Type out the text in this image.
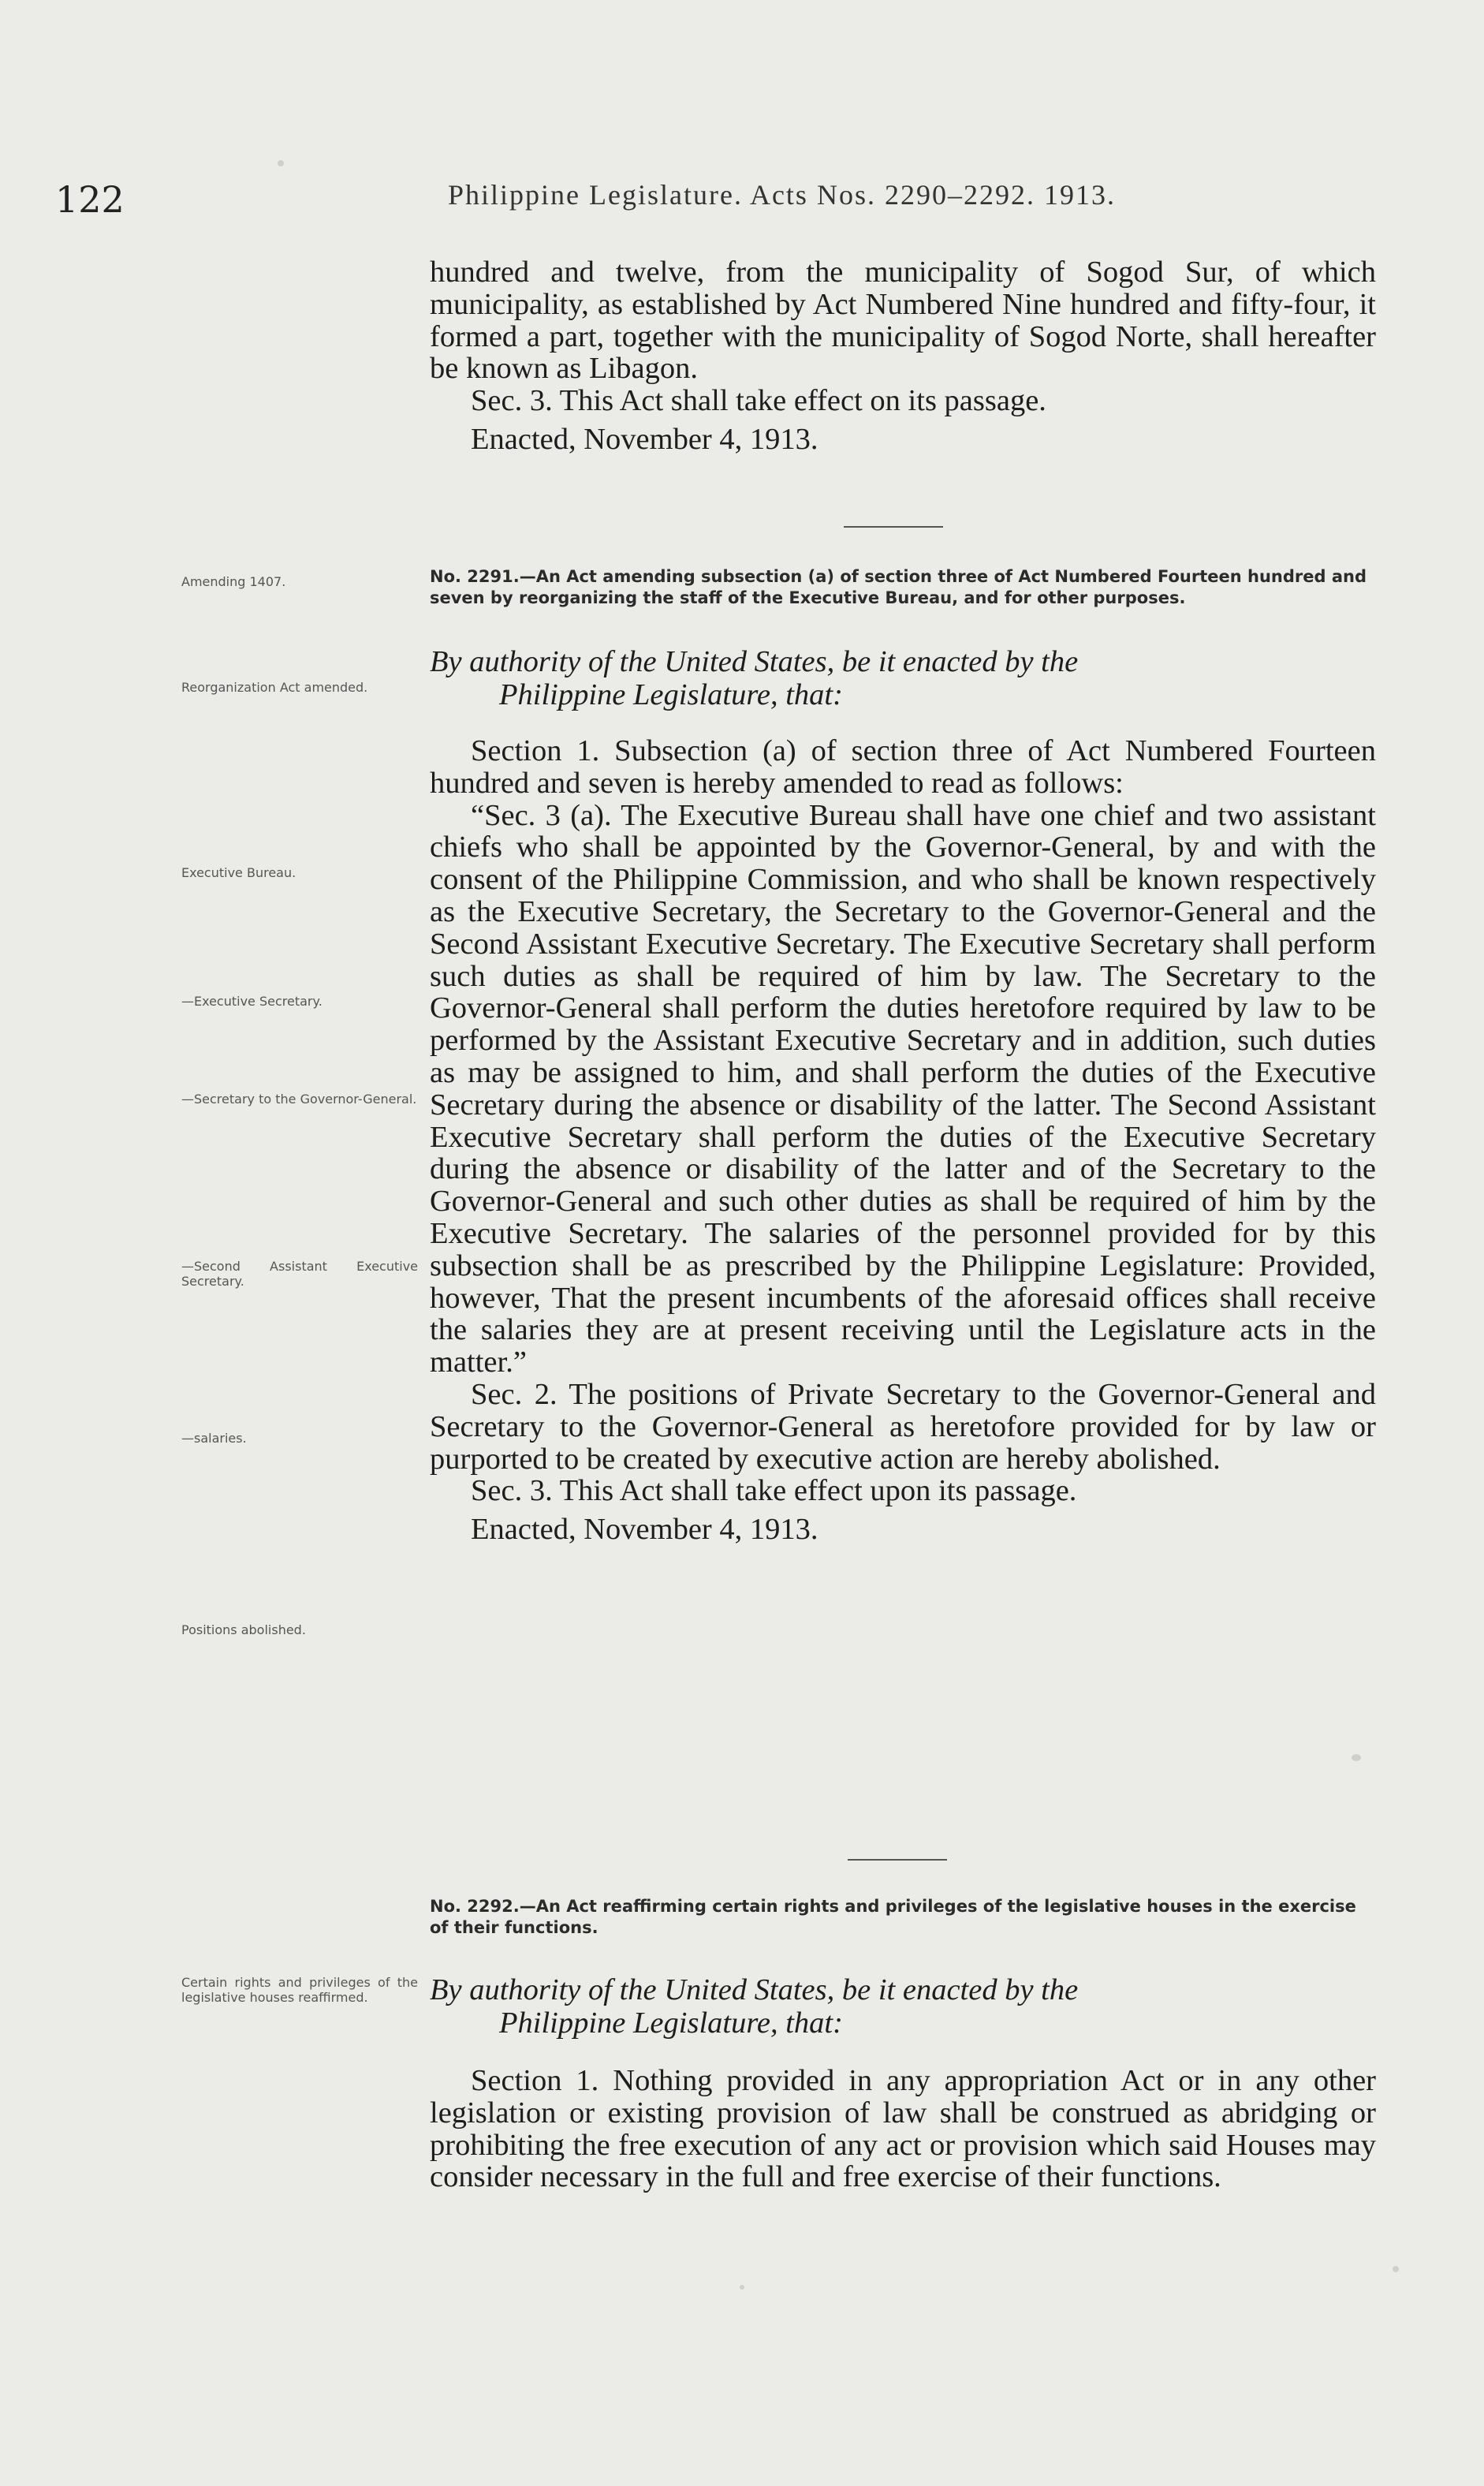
122	Philippine Legislature. Acts Nos. 2290–2292. 1913.

hundred and twelve, from the municipality of Sogod Sur, of which municipality, as established by Act Numbered Nine hundred and fifty-four, it formed a part, together with the municipality of Sogod Norte, shall hereafter be known as Libagon.

Sec. 3. This Act shall take effect on its passage.

Enacted, November 4, 1913.

No. 2291.—An Act amending subsection (a) of section three of Act Numbered Fourteen hundred and seven by reorganizing the staff of the Executive Bureau, and for other purposes.
By authority of the United States, be it enacted by the
Philippine Legislature, that:

Section 1. Subsection (a) of section three of Act Numbered Fourteen hundred and seven is hereby amended to read as follows:

“Sec. 3 (a). The Executive Bureau shall have one chief and two assistant chiefs who shall be appointed by the Governor-General, by and with the consent of the Philippine Commission, and who shall be known respectively as the Executive Secretary, the Secretary to the Governor-General and the Second Assistant Executive Secretary. The Executive Secretary shall perform such duties as shall be required of him by law. The Secretary to the Governor-General shall perform the duties heretofore required by law to be performed by the Assistant Executive Secretary and in addition, such duties as may be assigned to him, and shall perform the duties of the Executive Secretary during the absence or disability of the latter. The Second Assistant Executive Secretary shall perform the duties of the Executive Secretary during the absence or disability of the latter and of the Secretary to the Governor-General and such other duties as shall be required of him by the Executive Secretary. The salaries of the personnel provided for by this subsection shall be as prescribed by the Philippine Legislature: Provided, however, That the present incumbents of the aforesaid offices shall receive the salaries they are at present receiving until the Legislature acts in the matter.”

Sec. 2. The positions of Private Secretary to the Governor-General and Secretary to the Governor-General as heretofore provided for by law or purported to be created by executive action are hereby abolished.

Sec. 3. This Act shall take effect upon its passage.

Enacted, November 4, 1913.

No. 2292.—An Act reaffirming certain rights and privileges of the legislative houses in the exercise of their functions.
By authority of the United States, be it enacted by the
Philippine Legislature, that:

Section 1. Nothing provided in any appropriation Act or in any other legislation or existing provision of law shall be construed as abridging or prohibiting the free execution of any act or provision which said Houses may consider necessary in the full and free exercise of their functions.

Amending 1407.
Reorganization Act amended.
Executive Bureau.
—Executive Secretary.
—Secretary to the Governor-General.
—Second Assistant Executive Secretary.
—salaries.
Positions abolished.
Certain rights and privileges of the legislative houses reaffirmed.
